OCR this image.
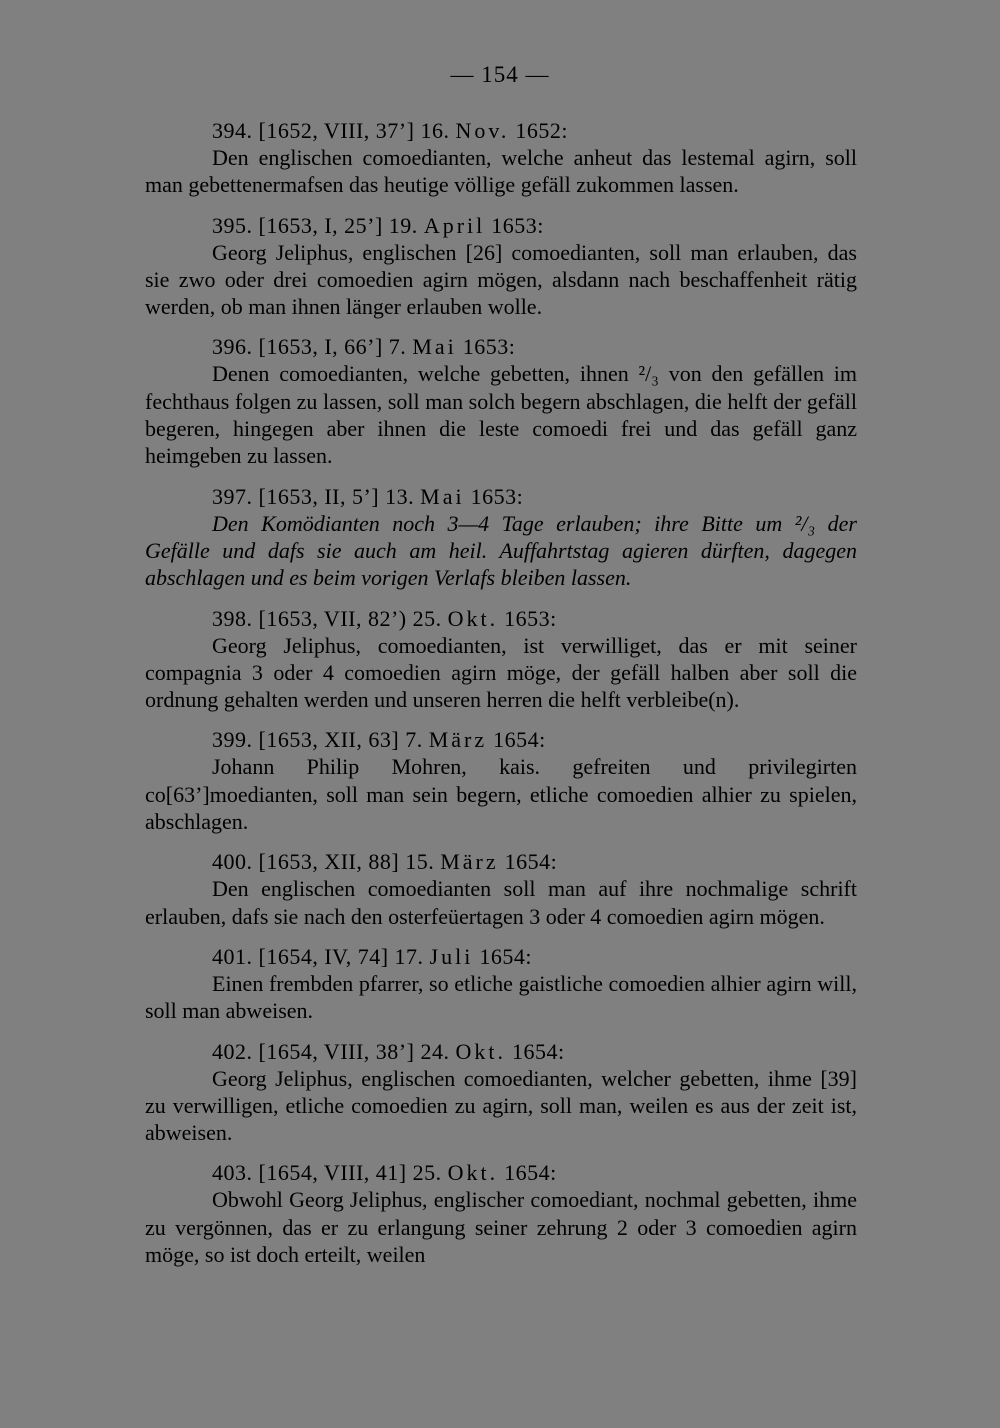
— 154 —
394. [1652, VIII, 37’] 16. Nov. 1652:
Den englischen comoedianten, welche anheut das lestemal agirn, soll man gebettenermafsen das heutige völlige gefäll zukommen lassen.
395. [1653, I, 25’] 19. April 1653:
Georg Jeliphus, englischen [26] comoedianten, soll man erlauben, das sie zwo oder drei comoedien agirn mögen, alsdann nach beschaffenheit rätig werden, ob man ihnen länger erlauben wolle.
396. [1653, I, 66’] 7. Mai 1653:
Denen comoedianten, welche gebetten, ihnen ²/₃ von den gefällen im fechthaus folgen zu lassen, soll man solch begern abschlagen, die helft der gefäll begeren, hingegen aber ihnen die leste comoedi frei und das gefäll ganz heimgeben zu lassen.
397. [1653, II, 5’] 13. Mai 1653:
Den Komödianten noch 3—4 Tage erlauben; ihre Bitte um ²/₃ der Gefälle und dafs sie auch am heil. Auffahrtstag agieren dürften, dagegen abschlagen und es beim vorigen Verlafs bleiben lassen.
398. [1653, VII, 82’) 25. Okt. 1653:
Georg Jeliphus, comoedianten, ist verwilliget, das er mit seiner compagnia 3 oder 4 comoedien agirn möge, der gefäll halben aber soll die ordnung gehalten werden und unseren herren die helft verbleibe(n).
399. [1653, XII, 63] 7. März 1654:
Johann Philip Mohren, kais. gefreiten und privilegirten co[63’]moedianten, soll man sein begern, etliche comoedien alhier zu spielen, abschlagen.
400. [1653, XII, 88] 15. März 1654:
Den englischen comoedianten soll man auf ihre nochmalige schrift erlauben, dafs sie nach den osterfeüertagen 3 oder 4 comoedien agirn mögen.
401. [1654, IV, 74] 17. Juli 1654:
Einen frembden pfarrer, so etliche gaistliche comoedien alhier agirn will, soll man abweisen.
402. [1654, VIII, 38’] 24. Okt. 1654:
Georg Jeliphus, englischen comoedianten, welcher gebetten, ihme [39] zu verwilligen, etliche comoedien zu agirn, soll man, weilen es aus der zeit ist, abweisen.
403. [1654, VIII, 41] 25. Okt. 1654:
Obwohl Georg Jeliphus, englischer comoediant, nochmal gebetten, ihme zu vergönnen, das er zu erlangung seiner zehrung 2 oder 3 comoedien agirn möge, so ist doch erteilt, weilen
